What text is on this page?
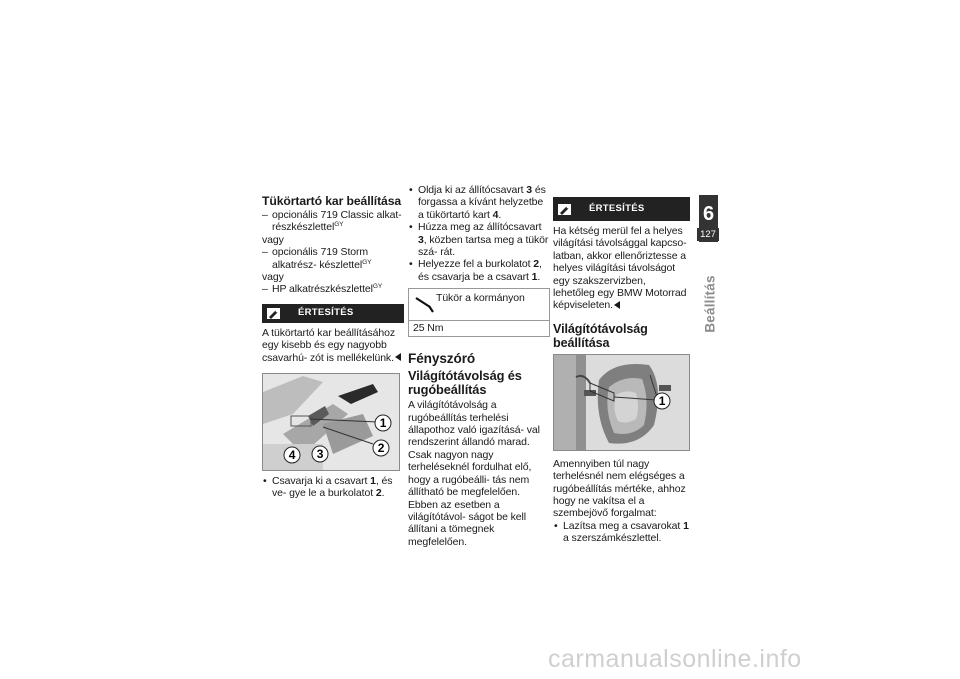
Tükörtartó kar beállítása
– opcionális 719 Classic alkat- részkészlettel$^{GY}$
vagy
– opcionális 719 Storm alkatrész- készlettel$^{GY}$
vagy
– HP alkatrészkészlettel$^{GY}$
ÉRTESÍTÉS
A tükörtartó kar beállításához egy kisebb és egy nagyobb csavarhú- zót is mellékelünk.
1
2
3
4
• Csavarja ki a csavart 1, és ve- gye le a burkolatot 2.
• Oldja ki az állítócsavart 3 és forgassa a kívánt helyzetbe a tükörtartó kart 4.
• Húzza meg az állítócsavart 3, közben tartsa meg a tükör szá- rát.
• Helyezze fel a burkolatot 2, és csavarja be a csavart 1.
Tükör a kormányon
25 Nm
Fényszóró
Világítótávolság és rugóbeállítás

A világítótávolság a rugóbeállítás terhelési állapothoz való igazításá- val rendszerint állandó marad. Csak nagyon nagy terheléseknél fordulhat elő, hogy a rugóbeálli- tás nem állítható be megfelelően. Ebben az esetben a világítótávol- ságot be kell állítani a tömegnek megfelelően.

ÉRTESÍTÉS
Ha kétség merül fel a helyes világítási távolsággal kapcso- latban, akkor ellenőriztesse a helyes világítási távolságot egy szakszervizben, lehetőleg egy BMW Motorrad képviseleten.
Világítótávolság beállítása
1

Amennyiben túl nagy terhelésnél nem elégséges a rugóbeállítás mértéke, ahhoz hogy ne vakítsa el a szembejövő forgalmat:

• Lazítsa meg a csavarokat 1 a szerszámkészlettel.
6
127
Beállítás
carmanualsonline.info
